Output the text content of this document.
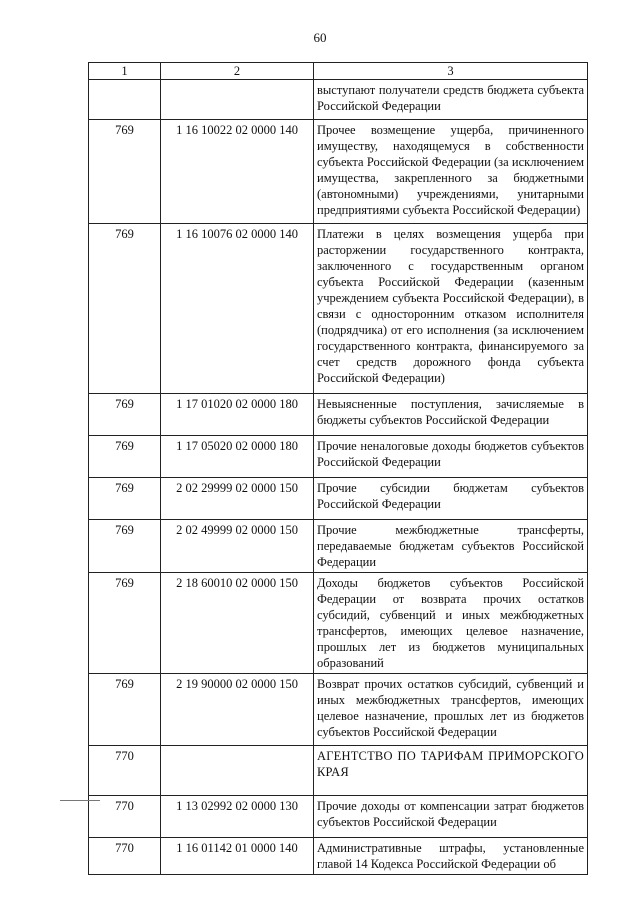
60
1	2	3
		выступают получатели средств бюджета субъекта Российской Федерации
769	1 16 10022 02 0000 140	Прочее возмещение ущерба, причиненного имуществу, находящемуся в собственности субъекта Российской Федерации (за исключением имущества, закрепленного за бюджетными (автономными) учреждениями, унитарными предприятиями субъекта Российской Федерации)
769	1 16 10076 02 0000 140	Платежи в целях возмещения ущерба при расторжении государственного контракта, заключенного с государственным органом субъекта Российской Федерации (казенным учреждением субъекта Российской Федерации), в связи с односторонним отказом исполнителя (подрядчика) от его исполнения (за исключением государственного контракта, финансируемого за счет средств дорожного фонда субъекта Российской Федерации)
769	1 17 01020 02 0000 180	Невыясненные поступления, зачисляемые в бюджеты субъектов Российской Федерации
769	1 17 05020 02 0000 180	Прочие неналоговые доходы бюджетов субъектов Российской Федерации
769	2 02 29999 02 0000 150	Прочие субсидии бюджетам субъектов Российской Федерации
769	2 02 49999 02 0000 150	Прочие межбюджетные трансферты, передаваемые бюджетам субъектов Российской Федерации
769	2 18 60010 02 0000 150	Доходы бюджетов субъектов Российской Федерации от возврата прочих остатков субсидий, субвенций и иных межбюджетных трансфертов, имеющих целевое назначение, прошлых лет из бюджетов муниципальных образований
769	2 19 90000 02 0000 150	Возврат прочих остатков субсидий, субвенций и иных межбюджетных трансфертов, имеющих целевое назначение, прошлых лет из бюджетов субъектов Российской Федерации
770		АГЕНТСТВО ПО ТАРИФАМ ПРИМОРСКОГО КРАЯ
770	1 13 02992 02 0000 130	Прочие доходы от компенсации затрат бюджетов субъектов Российской Федерации
770	1 16 01142 01 0000 140	Административные штрафы, установленные главой 14 Кодекса Российской Федерации об
